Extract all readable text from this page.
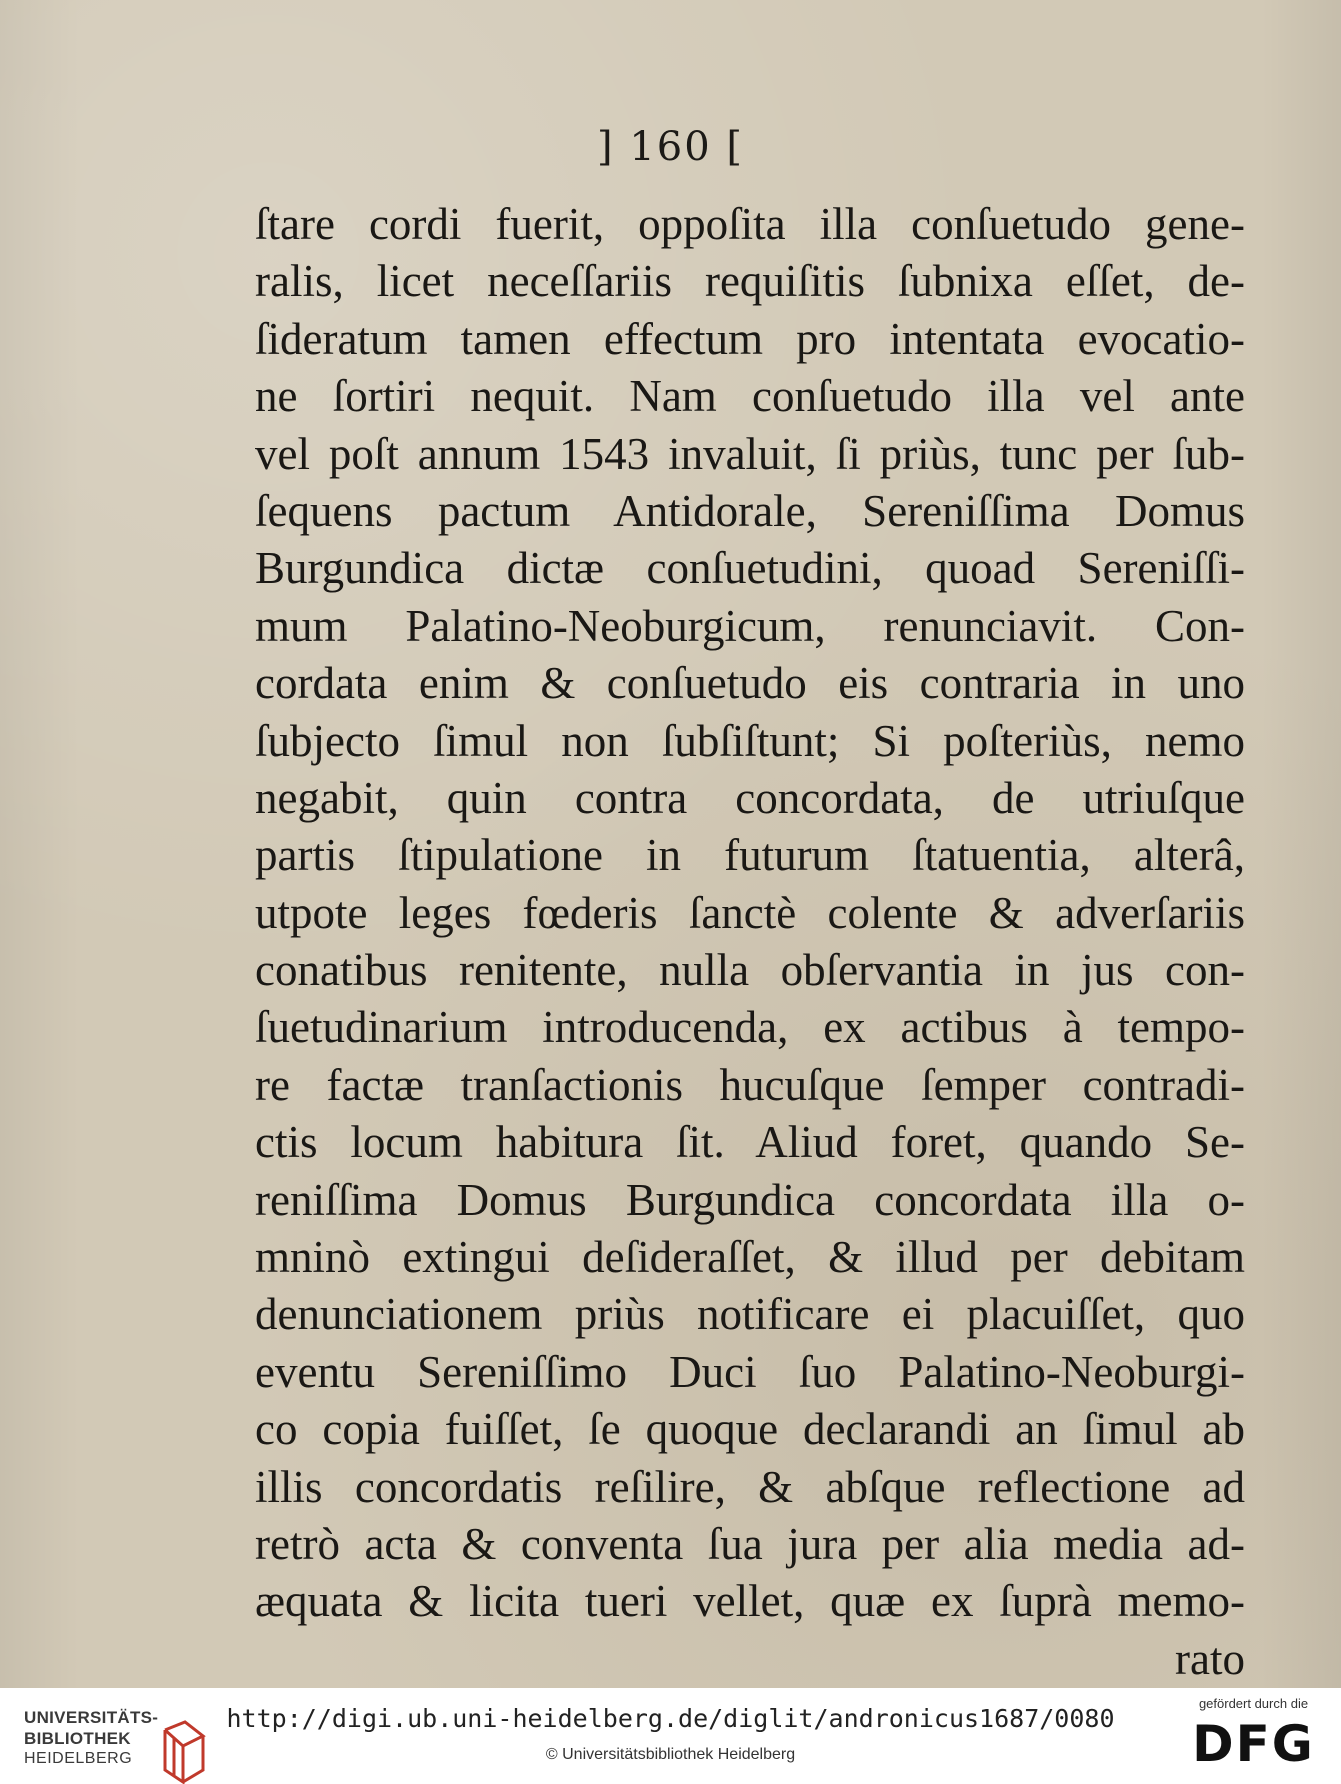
] 160 [
ſtare cordi fuerit, oppoſita illa conſuetudo gene-
ralis, licet neceſſariis requiſitis ſubnixa eſſet, de-
ſideratum tamen effectum pro intentata evocatio-
ne ſortiri nequit. Nam conſuetudo illa vel ante
vel poſt annum 1543 invaluit, ſi priùs, tunc per ſub-
ſequens pactum Antidorale, Sereniſſima Domus
Burgundica dictæ conſuetudini, quoad Sereniſſi-
mum Palatino-Neoburgicum, renunciavit. Con-
cordata enim & conſuetudo eis contraria in uno
ſubjecto ſimul non ſubſiſtunt; Si poſteriùs, nemo
negabit, quin contra concordata, de utriuſque
partis ſtipulatione in futurum ſtatuentia, alterâ,
utpote leges fœderis ſanctè colente & adverſariis
conatibus renitente, nulla obſervantia in jus con-
ſuetudinarium introducenda, ex actibus à tempo-
re factæ tranſactionis hucuſque ſemper contradi-
ctis locum habitura ſit. Aliud foret, quando Se-
reniſſima Domus Burgundica concordata illa o-
mninò extingui deſideraſſet, & illud per debitam
denunciationem priùs notificare ei placuiſſet, quo
eventu Sereniſſimo Duci ſuo Palatino-Neoburgi-
co copia fuiſſet, ſe quoque declarandi an ſimul ab
illis concordatis reſilire, & abſque reflectione ad
retrò acta & conventa ſua jura per alia media ad-
æquata & licita tueri vellet, quæ ex ſuprà memo-
rato
UNIVERSITÄTS-
BIBLIOTHEK
HEIDELBERG
http://digi.ub.uni-heidelberg.de/diglit/andronicus1687/0080
© Universitätsbibliothek Heidelberg
gefördert durch die
DFG
